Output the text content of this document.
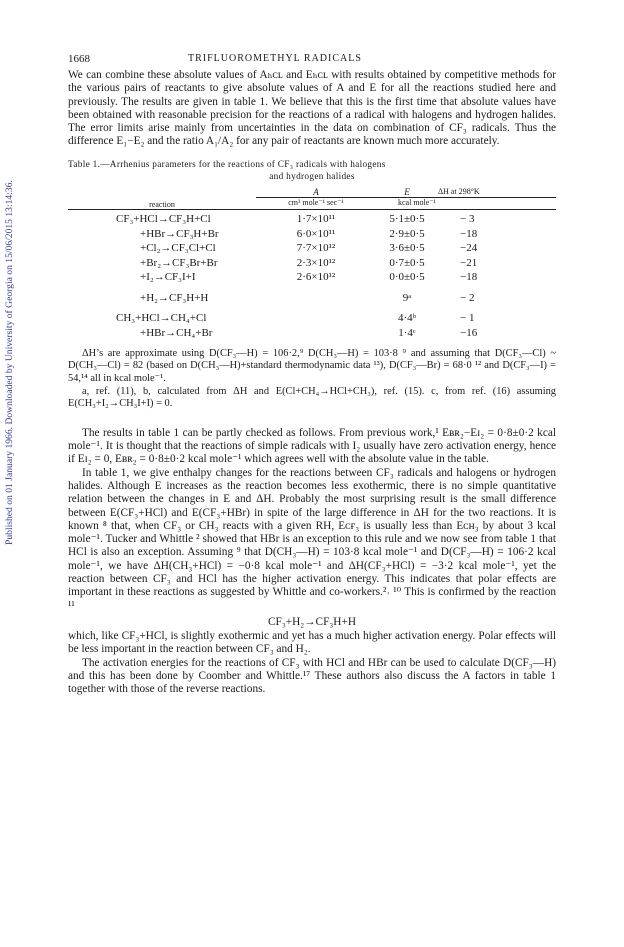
Published on 01 January 1966. Downloaded by University of Georgia on 15/06/2015 13:14:36.
1668	TRIFLUOROMETHYL RADICALS

We can combine these absolute values of Aₕᴄʟ and Eₕᴄʟ with results obtained by competitive methods for the various pairs of reactants to give absolute values of A and E for all the reactions studied here and previously. The results are given in table 1. We believe that this is the first time that absolute values have been obtained with reasonable precision for the reactions of a radical with halogens and hydrogen halides. The error limits arise mainly from uncertainties in the data on combination of CF₃ radicals. Thus the difference E₁−E₂ and the ratio A₁/A₂ for any pair of reactants are known much more accurately.

Table 1.—Arrhenius parameters for the reactions of CF₃ radicals with halogens
and hydrogen halides
	A	E	ΔH at 298°K
reaction	cm³ mole⁻¹ sec⁻¹	kcal mole⁻¹	

CF₃+HCl→CF₃H+Cl	1·7×10¹¹	5·1±0·5	− 3
+HBr→CF₃H+Br	6·0×10¹¹	2·9±0·5	−18
+Cl₂→CF₃Cl+Cl	7·7×10¹²	3·6±0·5	−24
+Br₂→CF₃Br+Br	2·3×10¹²	0·7±0·5	−21
+I₂→CF₃I+I	2·6×10¹²	0·0±0·5	−18

+H₂→CF₃H+H		9ᵃ	− 2

CH₃+HCl→CH₄+Cl		4·4ᵇ	− 1
+HBr→CH₄+Br		1·4ᶜ	−16

ΔH’s are approximate using D(CF₃—H) = 106·2,⁹ D(CH₃—H) = 103·8 ⁹ and assuming that D(CF₃—Cl) ~ D(CH₃—Cl) = 82 (based on D(CH₃—H)+standard thermodynamic data ¹³), D(CF₃—Br) = 68·0 ¹² and D(CF₃—I) = 54,¹⁴ all in kcal mole⁻¹.

a, ref. (11), b, calculated from ΔH and E(Cl+CH₄→HCl+CH₃), ref. (15). c, from ref. (16) assuming E(CH₃+I₂→CH₃I+I) = 0.

The results in table 1 can be partly checked as follows. From previous work,¹ Eʙʀ₂−Eɪ₂ = 0·8±0·2 kcal mole⁻¹. It is thought that the reactions of simple radicals with I₂ usually have zero activation energy, hence if Eɪ₂ = 0, Eʙʀ₂ = 0·8±0·2 kcal mole⁻¹ which agrees well with the absolute value in the table.

In table 1, we give enthalpy changes for the reactions between CF₃ radicals and halogens or hydrogen halides. Although E increases as the reaction becomes less exothermic, there is no simple quantitative relation between the changes in E and ΔH. Probably the most surprising result is the small difference between E(CF₃+HCl) and E(CF₃+HBr) in spite of the large difference in ΔH for the two reactions. It is known ⁸ that, when CF₃ or CH₃ reacts with a given RH, Eᴄғ₃ is usually less than Eᴄʜ₃ by about 3 kcal mole⁻¹. Tucker and Whittle ² showed that HBr is an exception to this rule and we now see from table 1 that HCl is also an exception. Assuming ⁹ that D(CH₃—H) = 103·8 kcal mole⁻¹ and D(CF₃—H) = 106·2 kcal mole⁻¹, we have ΔH(CH₃+HCl) = −0·8 kcal mole⁻¹ and ΔH(CF₃+HCl) = −3·2 kcal mole⁻¹, yet the reaction between CF₃ and HCl has the higher activation energy. This indicates that polar effects are important in these reactions as suggested by Whittle and co-workers.²˒ ¹⁰ This is confirmed by the reaction ¹¹

CF₃+H₂→CF₃H+H

which, like CF₃+HCl, is slightly exothermic and yet has a much higher activation energy. Polar effects will be less important in the reaction between CF₃ and H₂.

The activation energies for the reactions of CF₃ with HCl and HBr can be used to calculate D(CF₃—H) and this has been done by Coomber and Whittle.¹⁷ These authors also discuss the A factors in table 1 together with those of the reverse reactions.
